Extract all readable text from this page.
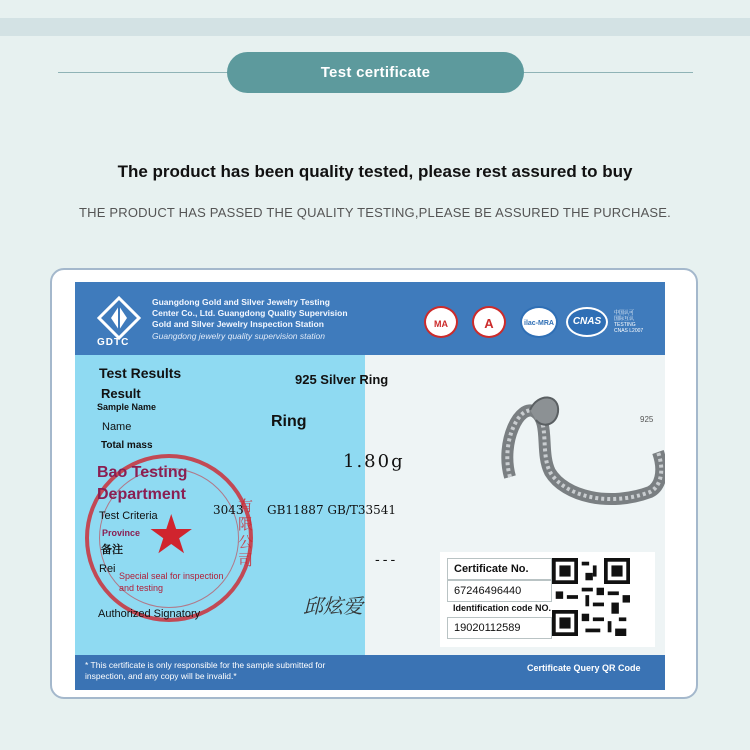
Test certificate
The product has been quality tested, please rest assured to buy
THE PRODUCT HAS PASSED THE QUALITY TESTING,PLEASE BE ASSURED THE PURCHASE.
GDTC
Guangdong Gold and Silver Jewelry Testing
Center Co., Ltd. Guangdong Quality Supervision
Gold and Silver Jewelry Inspection Station
Guangdong jewelry quality supervision station
MA	A	ilac-MRA	CNAS
中国认可
国际互认
TESTING
CNAS L2007
★	有限公司
Test Results
Result
Sample Name
925 Silver Ring
Name	Ring
Total mass
1.80g
Bao Testing Department
Test Criteria	3043 GB11887 GB/T33541
Province
备注
Rei
---
Special seal for inspection and testing
Authorized Signatory	邱炫爱
925
Certificate No.
67246496440
Identification code NO.
19020112589
* This certificate is only responsible for the sample submitted for inspection, and any copy will be invalid.*
Certificate Query QR Code
